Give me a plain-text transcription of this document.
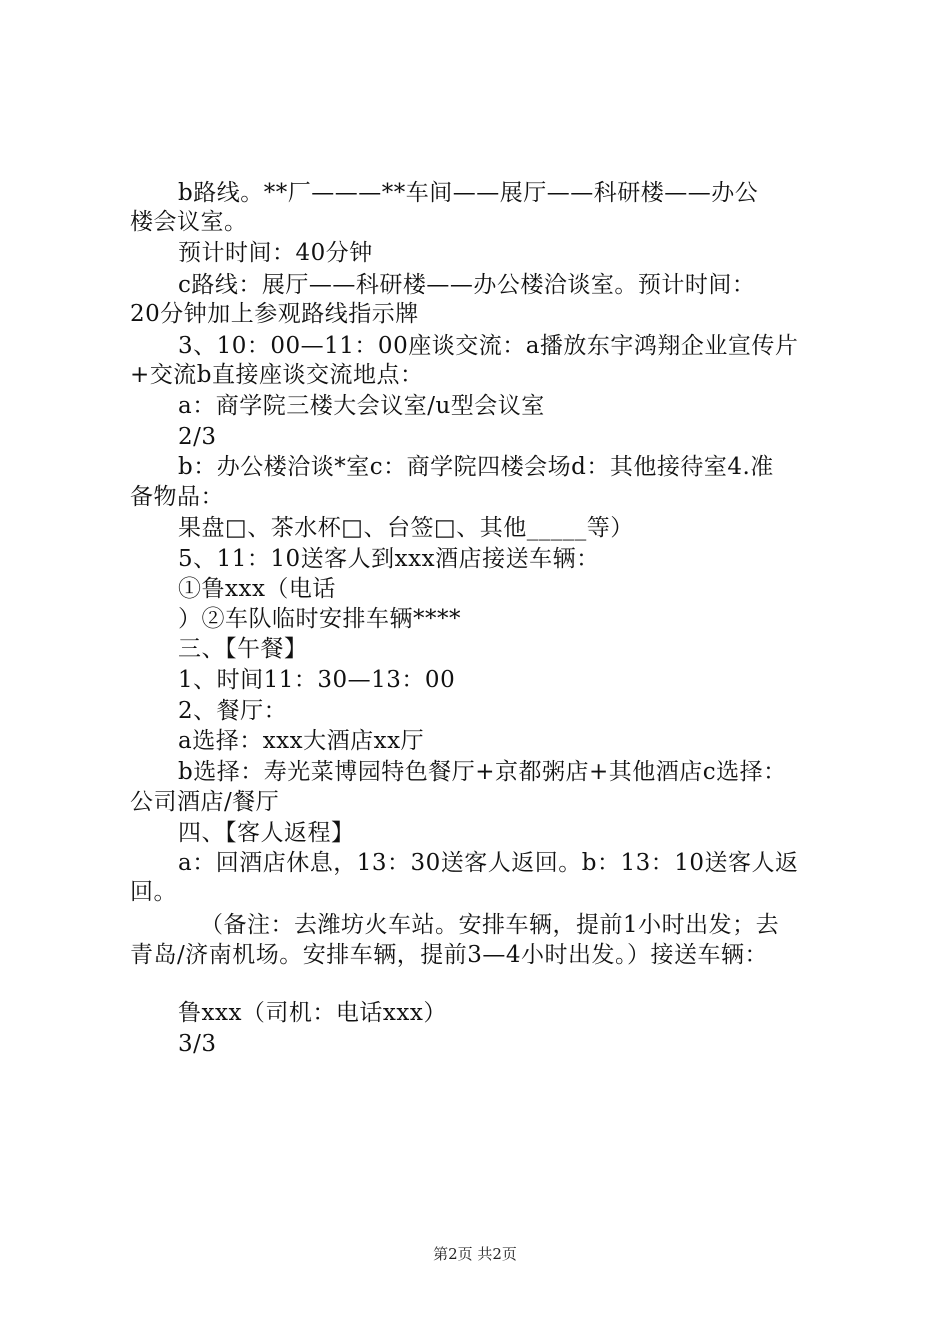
b路线。**厂———**车间——展厅——科研楼——办公
楼会议室。
预计时间：40分钟
c路线：展厅——科研楼——办公楼洽谈室。预计时间：
20分钟加上参观路线指示牌
3、10：00—11：00座谈交流：a播放东宇鸿翔企业宣传片
+交流b直接座谈交流地点：
a：商学院三楼大会议室/u型会议室
2/3
b：办公楼洽谈*室c：商学院四楼会场d：其他接待室4.准
备物品：
果盘□、茶水杯□、台签□、其他_____等）
5、11：10送客人到xxx酒店接送车辆：
①鲁xxx（电话
）②车队临时安排车辆****
三、【午餐】
1、时间11：30—13：00
2、餐厅：
a选择：xxx大酒店xx厅
b选择：寿光菜博园特色餐厅+京都粥店+其他酒店c选择：
公司酒店/餐厅
四、【客人返程】
a：回酒店休息，13：30送客人返回。b：13：10送客人返
回。
（备注：去潍坊火车站。安排车辆，提前1小时出发；去
青岛/济南机场。安排车辆，提前3—4小时出发。）接送车辆：
鲁xxx（司机：电话xxx）
3/3
第2页 共2页
